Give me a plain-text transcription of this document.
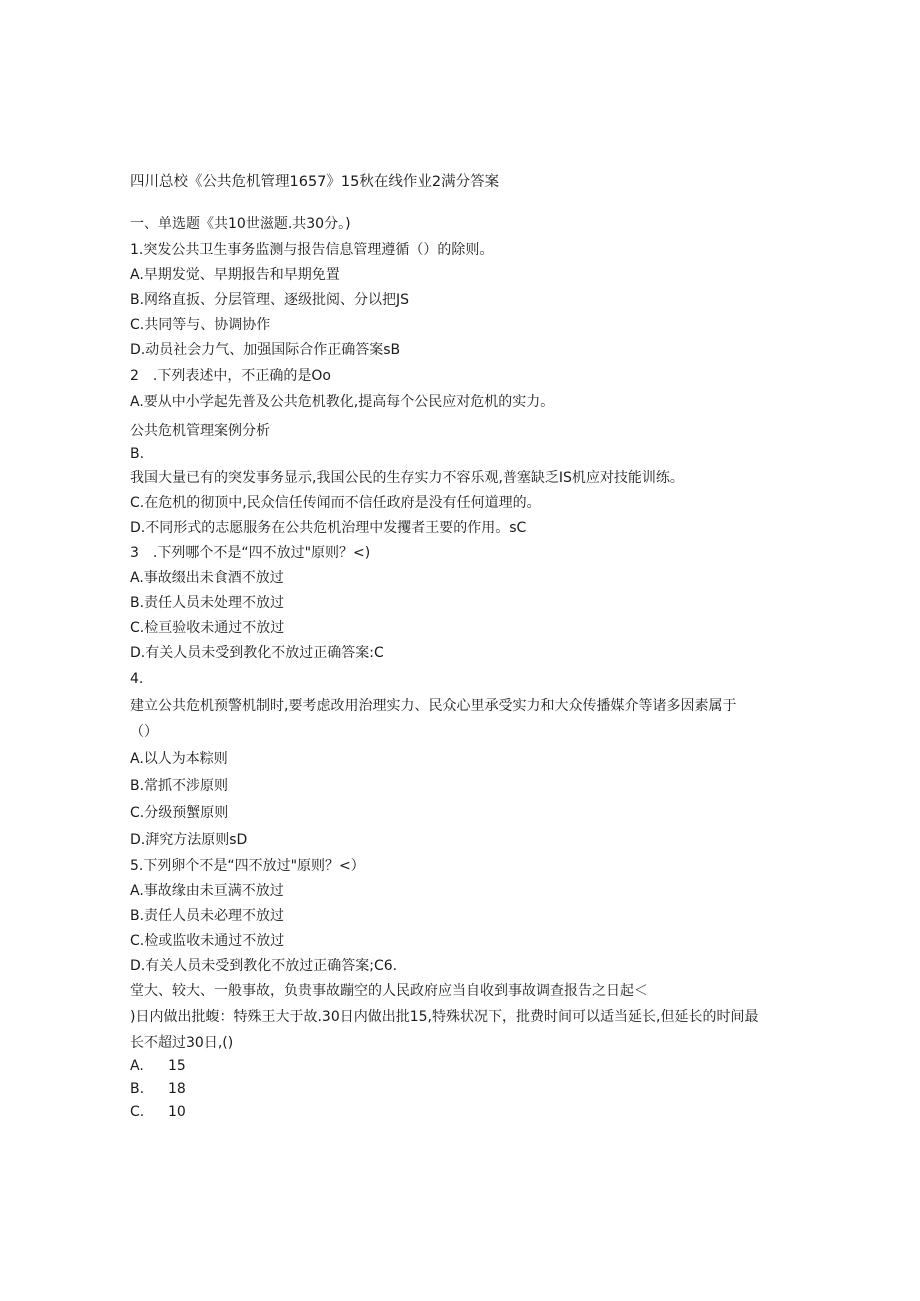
四川总校《公共危机管理1657》15秋在线作业2满分答案
一、单选题《共10世滋题.共30分。)
1.突发公共卫生事务监测与报告信息管理遵循（）的除则。
A.早期发觉、早期报告和早期免置
B.网络直扳、分层管理、逐级批阅、分以把JS
C.共同等与、协调协作
D.动员社会力气、加强国际合作正确答案sB
2　.下列表述中，不正确的是Oo
A.要从中小学起先普及公共危机教化,提高每个公民应对危机的实力。
公共危机管理案例分析
B.
我国大量已有的突发事务显示,我国公民的生存实力不容乐观,普塞缺乏IS机应对技能训练。
C.在危机的彻顶中,民众信任传闻而不信任政府是没有任何道理的。
D.不同形式的志愿服务在公共危机治理中发攫者王要的作用。sC
3　.下列哪个不是“四不放过"原则？<)
A.事故缀出未食酒不放过
B.责任人员未处理不放过
C.检亘验收未通过不放过
D.有关人员未受到教化不放过正确答案:C
4.
建立公共危机预警机制时,要考虑改用治理实力、民众心里承受实力和大众传播媒介等诸多因素属于
（）
A.以人为本粽则
B.常抓不涉原则
C.分级预蟹原则
D.湃究方法原则sD
5.下列卵个不是“四不放过"原则？<）
A.事故缘由未亘满不放过
B.责任人员未必理不放过
C.检或监收未通过不放过
D.有关人员未受到教化不放过正确答案;C6.
堂大、较大、一般事故，负贵事故蹦空的人民政府应当自收到事故调查报告之日起＜
)日内做出批蝮：特殊王大于故.30日内做出批15,特殊状况下，批费时间可以适当延长,但延长的时间最
长不超过30日,()
A. 15
B. 18
C. 10
